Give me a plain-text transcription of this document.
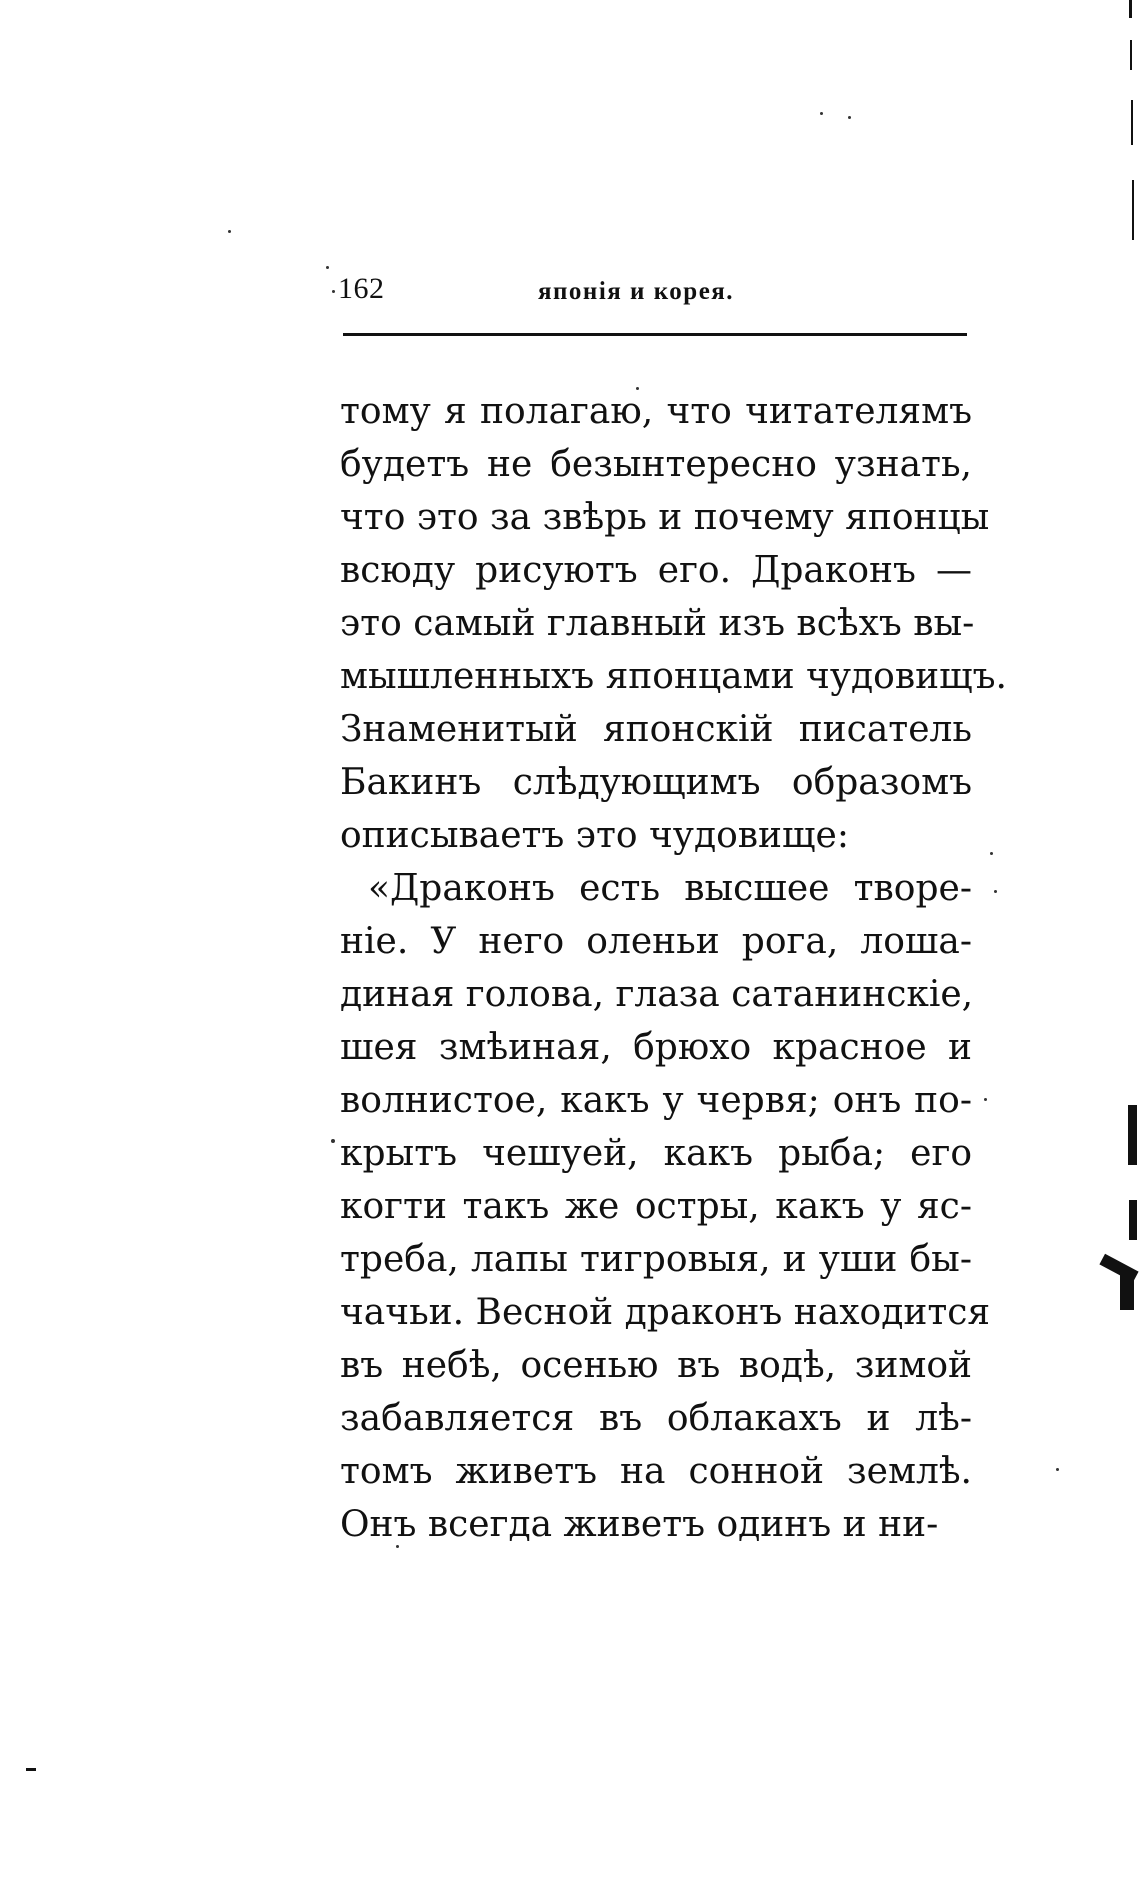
162	японія и корея.
тому я полагаю, что читателямъ
будетъ не безынтересно узнать,
что это за звѣрь и почему японцы
всюду рисуютъ его. Драконъ —
это самый главный изъ всѣхъ вы-
мышленныхъ японцами чудовищъ.
Знаменитый японскій писатель
Бакинъ слѣдующимъ образомъ
описываетъ это чудовище:
«Драконъ есть высшее творе-
ніе. У него оленьи рога, лоша-
диная голова, глаза сатанинскіе,
шея змѣиная, брюхо красное и
волнистое, какъ у червя; онъ по-
крытъ чешуей, какъ рыба; его
когти такъ же остры, какъ у яс-
треба, лапы тигровыя, и уши бы-
чачьи. Весной драконъ находится
въ небѣ, осенью въ водѣ, зимой
забавляется въ облакахъ и лѣ-
томъ живетъ на сонной землѣ.
Онъ всегда живетъ одинъ и ни-
